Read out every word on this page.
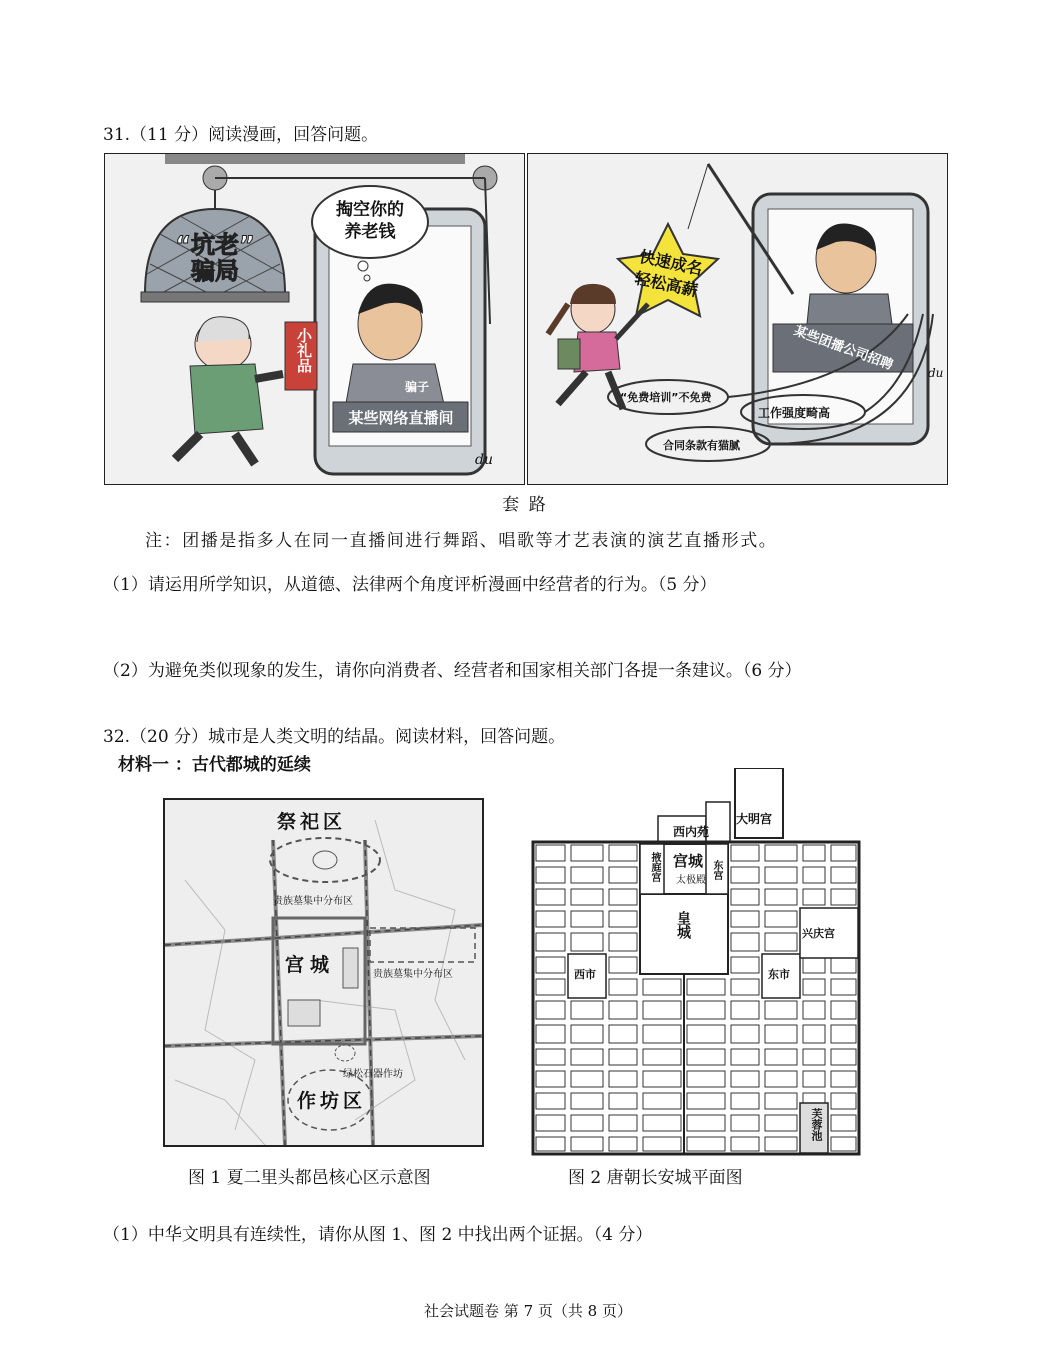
31.（11 分）阅读漫画，回答问题。
“坑老”
骗局
掏空你的
养老钱
小礼品
骗子
某些网络直播间
du
快速成名
轻松高薪
某些团播公司招聘
“免费培训”不免费
工作强度畸高
合同条款有猫腻
du
套 路
注：团播是指多人在同一直播间进行舞蹈、唱歌等才艺表演的演艺直播形式。
（1）请运用所学知识，从道德、法律两个角度评析漫画中经营者的行为。（5 分）
（2）为避免类似现象的发生，请你向消费者、经营者和国家相关部门各提一条建议。（6 分）
32.（20 分）城市是人类文明的结晶。阅读材料，回答问题。
材料一 ：古代都城的延续
祭祀区
贵族墓集中分布区
宫城	贵族墓集中分布区
绿松石器作坊
作坊区
图 1 夏二里头都邑核心区示意图
西内苑
大明宫
宫城
太极殿
掖庭宫	东宫
皇城
西市	东市
兴庆宫
芙蓉池
图 2 唐朝长安城平面图
（1）中华文明具有连续性，请你从图 1、图 2 中找出两个证据。（4 分）
社会试题卷 第 7 页（共 8 页）
